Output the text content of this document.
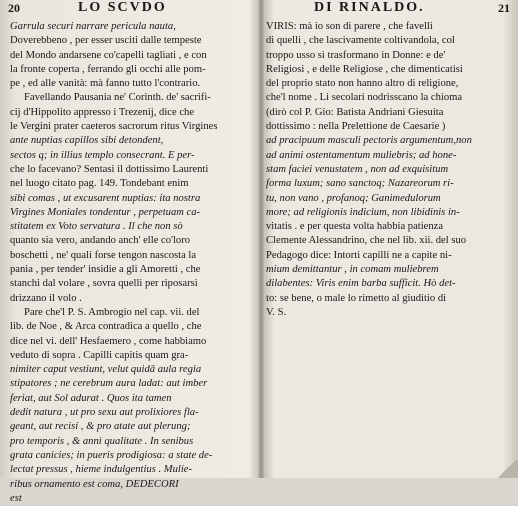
20	LO SCVDO
Garrula securi narrare pericula nauta,
Doverebbeno , per esser usciti dalle tempeste
del Mondo andarsene co'capelli tagliati , e con
la fronte coperta , ferrando gli occhi alle pom-
pe , ed alle vanità: mà fanno tutto l'contrario.
Favellando Pausania ne' Corinth. de' sacrifi-
cij d'Hippolito appresso i Trezenij, dice che
le Vergini prater caeteros sacrorum ritus Virgines
ante nuptias capillos sibi detondent,
sectos q; in illius templo consecrant. E per-
che lo facevano? Sentasi il dottissimo Laurenti
nel luogo citato pag. 149. Tondebant enim
sibi comas , ut excusarent nuptias: ita nostra
Virgines Moniales tondentur , perpetuam ca-
stitatem ex Voto servatura . Il che non sò
quanto sia vero, andando anch' elle co'loro
boschetti , ne' quali forse tengon nascosta la
pania , per tender' insidie a gli Amoretti , che
stanchi dal volare , sovra quelli per riposarsi
drizzano il volo .
Pare che'l P. S. Ambrogio nel cap. vii. del
lib. de Noe , & Arca contradica a quello , che
dice nel vi. dell' Hesfaemero , come habbiamo
veduto di sopra . Capilli capitis quam gra-
nimiter caput vestiunt, velut quidā aula regia
stipatores ; ne cerebrum aura ladat: aut imber
feriat, aut Sol adurat . Quos ita tamen
dedit natura , ut pro sexu aut prolixiores fla-
geant, aut recisi , & pro atate aut plerung;
pro temporis , & anni qualitate . In senibus
grata canicies; in pueris prodigiosa: a state de-
lectat pressus , hieme indulgentius . Mulie-
ribus ornamento est coma, DEDECORI
est
DI RINALDO.	21
VIRIS: mà io son di parere , che favelli
di quelli , che lascivamente coltivandola, col
troppo usso si trasformano in Donne: e de'
Religiosi , e delle Religiose , che dimenticatisi
del proprio stato non hanno altro di religione,
che'l nome . Li secolari nodrisscano la chioma
(dirò col P. Gio: Batista Andriani Giesuita
dottissimo : nella Prelettione de Caesarie )
ad pracipuum masculi pectoris argumentum,non
ad animi ostentamentum muliebris; ad hone-
stam faciei venustatem , non ad exquisitum
forma luxum; sano sanctoq; Nazareorum ri-
tu, non vano , profanoq; Ganimedulorum
more; ad religionis indicium, non libidinis in-
vitatis . e per questa volta habbia patienza
Clemente Alessandrino, che nel lib. xii. del suo
Pedagogo dice: Intorti capilli ne a capite ni-
mium demittantur , in comam muliebrem
dilabentes: Viris enim barba sufficit. Hò det-
to: se bene, o male lo rimetto al giuditio di
V. S.
